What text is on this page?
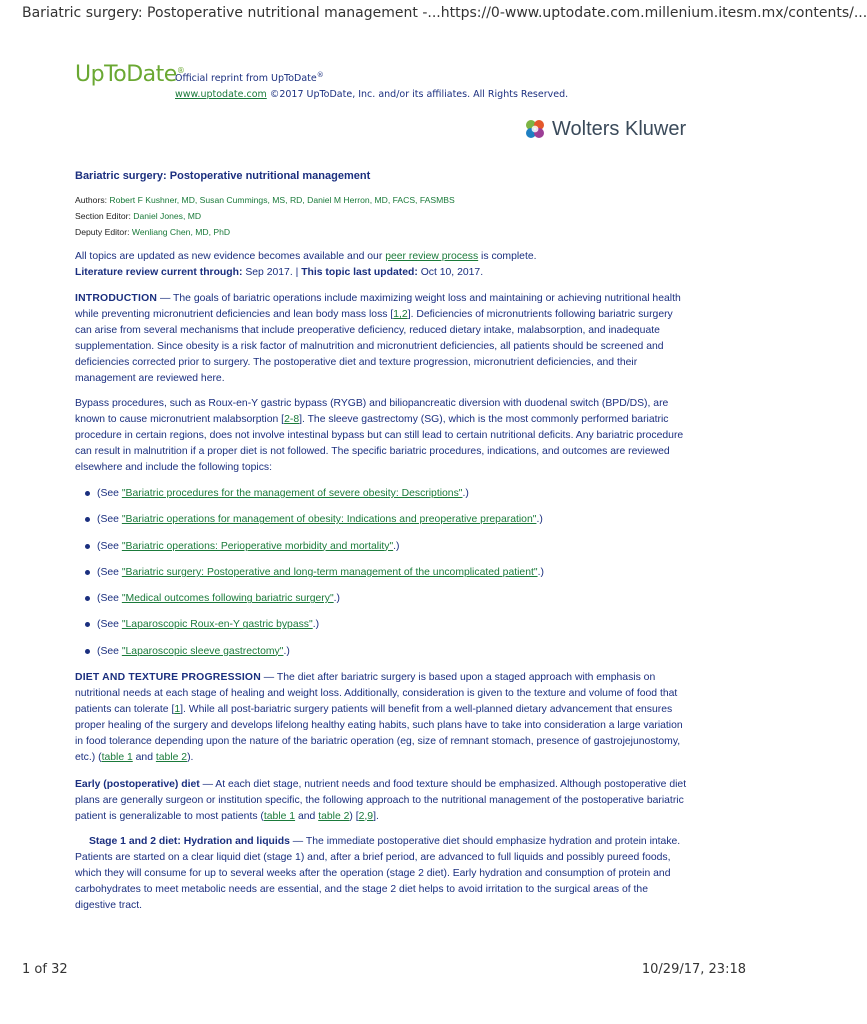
Bariatric surgery: Postoperative nutritional management -... https://0-www.uptodate.com.millenium.itesm.mx/contents/...
UpToDate®
Official reprint from UpToDate®
www.uptodate.com ©2017 UpToDate, Inc. and/or its affiliates. All Rights Reserved.
Wolters Kluwer
Bariatric surgery: Postoperative nutritional management
Authors: Robert F Kushner, MD, Susan Cummings, MS, RD, Daniel M Herron, MD, FACS, FASMBS
Section Editor: Daniel Jones, MD
Deputy Editor: Wenliang Chen, MD, PhD
All topics are updated as new evidence becomes available and our peer review process is complete.
Literature review current through: Sep 2017. | This topic last updated: Oct 10, 2017.
INTRODUCTION — The goals of bariatric operations include maximizing weight loss and maintaining or achieving nutritional health while preventing micronutrient deficiencies and lean body mass loss [1,2]. Deficiencies of micronutrients following bariatric surgery can arise from several mechanisms that include preoperative deficiency, reduced dietary intake, malabsorption, and inadequate supplementation. Since obesity is a risk factor of malnutrition and micronutrient deficiencies, all patients should be screened and deficiencies corrected prior to surgery. The postoperative diet and texture progression, micronutrient deficiencies, and their management are reviewed here.
Bypass procedures, such as Roux-en-Y gastric bypass (RYGB) and biliopancreatic diversion with duodenal switch (BPD/DS), are known to cause micronutrient malabsorption [2-8]. The sleeve gastrectomy (SG), which is the most commonly performed bariatric procedure in certain regions, does not involve intestinal bypass but can still lead to certain nutritional deficits. Any bariatric procedure can result in malnutrition if a proper diet is not followed. The specific bariatric procedures, indications, and outcomes are reviewed elsewhere and include the following topics:
(See "Bariatric procedures for the management of severe obesity: Descriptions".)
(See "Bariatric operations for management of obesity: Indications and preoperative preparation".)
(See "Bariatric operations: Perioperative morbidity and mortality".)
(See "Bariatric surgery: Postoperative and long-term management of the uncomplicated patient".)
(See "Medical outcomes following bariatric surgery".)
(See "Laparoscopic Roux-en-Y gastric bypass".)
(See "Laparoscopic sleeve gastrectomy".)
DIET AND TEXTURE PROGRESSION — The diet after bariatric surgery is based upon a staged approach with emphasis on nutritional needs at each stage of healing and weight loss. Additionally, consideration is given to the texture and volume of food that patients can tolerate [1]. While all post-bariatric surgery patients will benefit from a well-planned dietary advancement that ensures proper healing of the surgery and develops lifelong healthy eating habits, such plans have to take into consideration a large variation in food tolerance depending upon the nature of the bariatric operation (eg, size of remnant stomach, presence of gastrojejunostomy, etc.) (table 1 and table 2).
Early (postoperative) diet — At each diet stage, nutrient needs and food texture should be emphasized. Although postoperative diet plans are generally surgeon or institution specific, the following approach to the nutritional management of the postoperative bariatric patient is generalizable to most patients (table 1 and table 2) [2,9].
Stage 1 and 2 diet: Hydration and liquids — The immediate postoperative diet should emphasize hydration and protein intake. Patients are started on a clear liquid diet (stage 1) and, after a brief period, are advanced to full liquids and possibly pureed foods, which they will consume for up to several weeks after the operation (stage 2 diet). Early hydration and consumption of protein and carbohydrates to meet metabolic needs are essential, and the stage 2 diet helps to avoid irritation to the surgical areas of the digestive tract.
1 of 32	10/29/17, 23:18
